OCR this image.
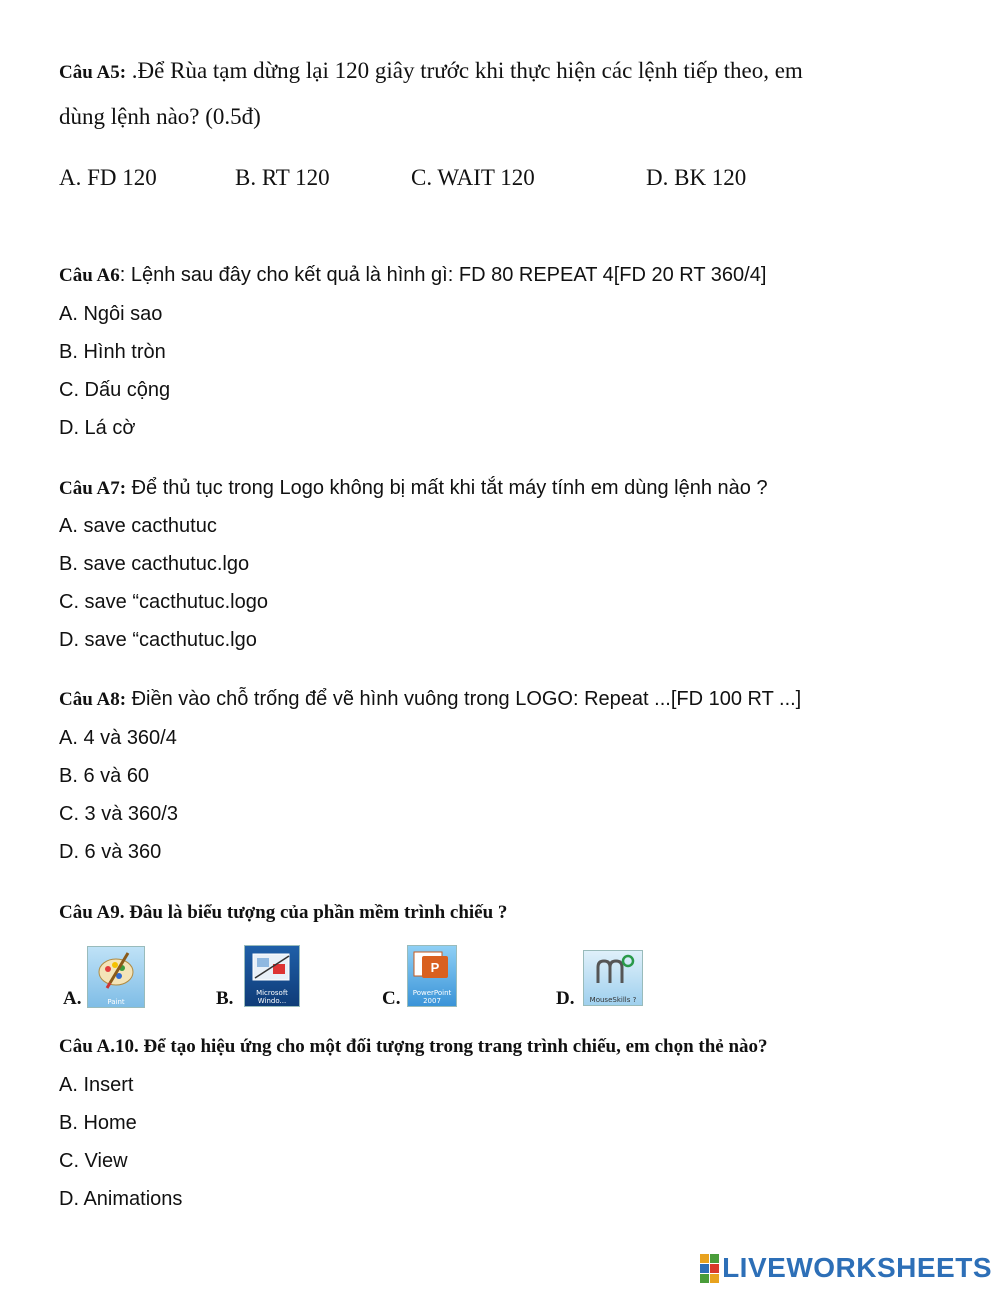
Câu A5: .Để Rùa tạm dừng lại 120 giây trước khi thực hiện các lệnh tiếp theo, em
dùng lệnh nào? (0.5đ)
A. FD 120	B. RT 120	C. WAIT 120	D. BK 120
Câu A6: Lệnh sau đây cho kết quả là hình gì: FD 80 REPEAT 4[FD 20 RT 360/4]
A. Ngôi sao
B. Hình tròn
C. Dấu cộng
D. Lá cờ
Câu A7: Để thủ tục trong Logo không bị mất khi tắt máy tính em dùng lệnh nào ?
A. save cacthutuc
B. save cacthutuc.lgo
C. save “cacthutuc.logo
D. save “cacthutuc.lgo
Câu A8: Điền vào chỗ trống để vẽ hình vuông trong LOGO: Repeat ...[FD 100 RT ...]
A. 4 và 360/4
B. 6 và 60
C. 3 và 360/3
D. 6 và 360
Câu A9. Đâu là biểu tượng của phần mềm trình chiếu ?
A.	Paint	B.	Microsoft Windo...	C.
P
PowerPoint 2007	D.	MouseSkills ?
Câu A.10. Để tạo hiệu ứng cho một đối tượng trong trang trình chiếu, em chọn thẻ nào?
A. Insert
B. Home
C. View
D. Animations
LIVEWORKSHEETS
